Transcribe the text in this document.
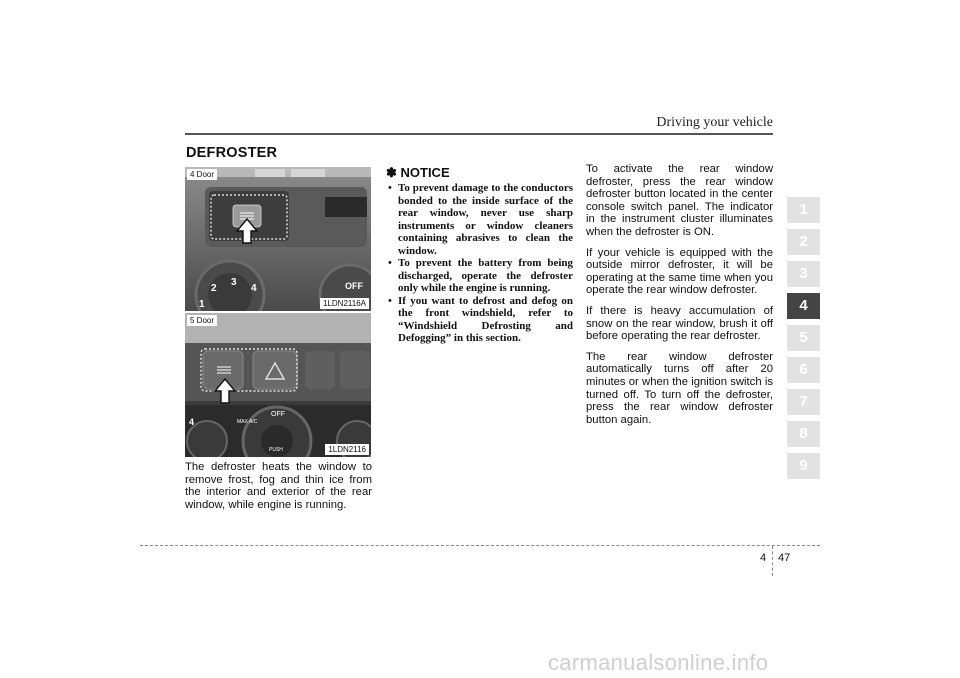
Driving your vehicle
DEFROSTER
1
2
3
4	OFF
4 Door
1LDN2116A
4
OFF
MAX A/C
PUSH
5 Door
1LDN2116
The defroster heats the window to remove frost, fog and thin ice from the interior and exterior of the rear window, while engine is running.
✽ NOTICE
• To prevent damage to the conductors bonded to the inside surface of the rear window, never use sharp instruments or window cleaners containing abrasives to clean the window.
• To prevent the battery from being discharged, operate the defroster only while the engine is running.
• If you want to defrost and defog on the front windshield, refer to “Windshield Defrosting and Defogging” in this section.

To activate the rear window defroster, press the rear window defroster button located in the center console switch panel. The indicator in the instrument cluster illuminates when the defroster is ON.

If your vehicle is equipped with the outside mirror defroster, it will be operating at the same time when you operate the rear window defroster.

If there is heavy accumulation of snow on the rear window, brush it off before operating the rear defroster.

The rear window defroster automatically turns off after 20 minutes or when the ignition switch is turned off. To turn off the defroster, press the rear window defroster button again.

1
2
3
4
5
6
7
8
9
4 47
carmanualsonline.info
